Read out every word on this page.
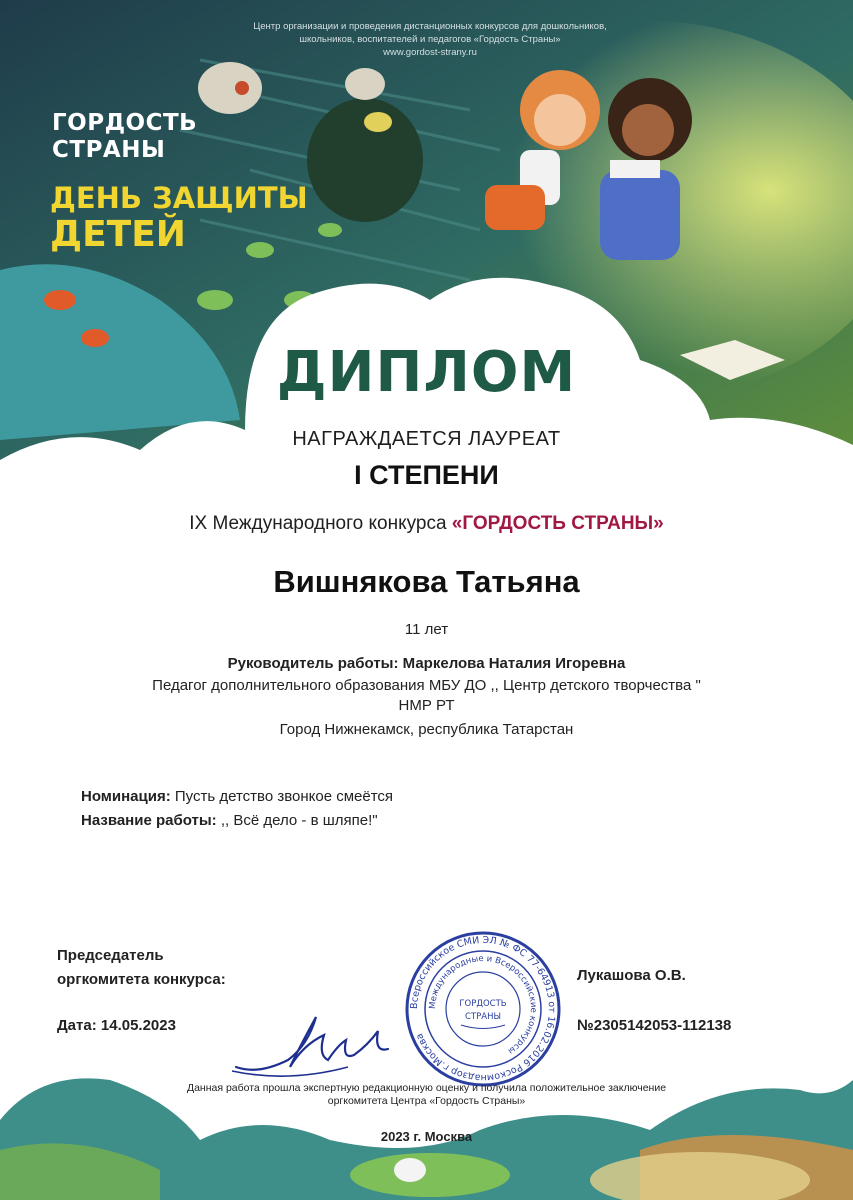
Центр организации и проведения дистанционных конкурсов для дошкольников,
школьников, воспитателей и педагогов «Гордость Страны»
www.gordost-strany.ru
ГОРДОСТЬ
СТРАНЫ
ДЕНЬ ЗАЩИТЫ
ДЕТЕЙ
ДИПЛОМ
НАГРАЖДАЕТСЯ ЛАУРЕАТ
I СТЕПЕНИ
IX Международного конкурса «ГОРДОСТЬ СТРАНЫ»
Вишнякова Татьяна
11 лет
Руководитель работы: Маркелова Наталия Игоревна
Педагог дополнительного образования МБУ ДО ,, Центр детского творчества "
НМР РТ
Город Нижнекамск, республика Татарстан
Номинация: Пусть детство звонкое смеётся
Название работы: ,, Всё дело - в шляпе!"
Председатель
оргкомитета конкурса:
Дата: 14.05.2023
Лукашова О.В.
№2305142053-112138
Всероссийское СМИ ЭЛ № ФС 77-64913 от 16.02.2016 Роскомнадзор г.Москва
Международные и Всероссийские конкурсы
ГОРДОСТЬ
СТРАНЫ
Данная работа прошла экспертную редакционную оценку и получила положительное заключение
оргкомитета Центра «Гордость Страны»
2023 г. Москва
